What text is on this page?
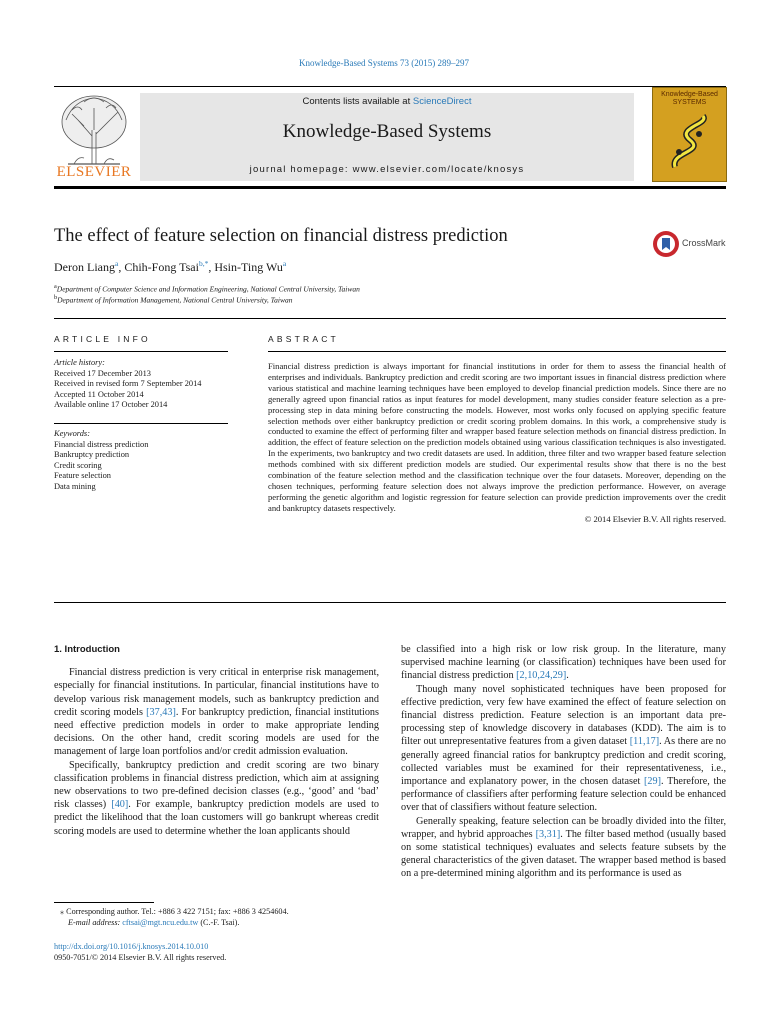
Knowledge-Based Systems 73 (2015) 289–297
ELSEVIER
Contents lists available at ScienceDirect
Knowledge-Based Systems
journal homepage: www.elsevier.com/locate/knosys
Knowledge-Based SYSTEMS
The effect of feature selection on financial distress prediction	CrossMark
Deron Liang$^a$, Chih-Fong Tsai$^{b,*}$, Hsin-Ting Wu$^a$
$^a$Department of Computer Science and Information Engineering, National Central University, Taiwan
$^b$Department of Information Management, National Central University, Taiwan
ARTICLE INFO
Article history:
Received 17 December 2013
Received in revised form 7 September 2014
Accepted 11 October 2014
Available online 17 October 2014
Keywords:
Financial distress prediction
Bankruptcy prediction
Credit scoring
Feature selection
Data mining
ABSTRACT
Financial distress prediction is always important for financial institutions in order for them to assess the financial health of enterprises and individuals. Bankruptcy prediction and credit scoring are two important issues in financial distress prediction where various statistical and machine learning techniques have been employed to develop financial prediction models. Since there are no generally agreed upon financial ratios as input features for model development, many studies consider feature selection as a pre-processing step in data mining before constructing the models. However, most works only focused on applying specific feature selection methods over either bankruptcy prediction or credit scoring problem domains. In this work, a comprehensive study is conducted to examine the effect of performing filter and wrapper based feature selection methods on financial distress prediction. In addition, the effect of feature selection on the prediction models obtained using various classification techniques is also investigated. In the experiments, two bankruptcy and two credit datasets are used. In addition, three filter and two wrapper based feature selection methods combined with six different prediction models are studied. Our experimental results show that there is no the best combination of the feature selection method and the classification technique over the four datasets. Moreover, depending on the chosen techniques, performing feature selection does not always improve the prediction performance. However, on average performing the genetic algorithm and logistic regression for feature selection can provide prediction improvements over the credit and bankruptcy datasets respectively.
© 2014 Elsevier B.V. All rights reserved.

1. Introduction

Financial distress prediction is very critical in enterprise risk management, especially for financial institutions. In particular, financial institutions have to develop various risk management models, such as bankruptcy prediction and credit scoring models [37,43]. For bankruptcy prediction, financial institutions need effective prediction models in order to make appropriate lending decisions. On the other hand, credit scoring models are used for the management of large loan portfolios and/or credit admission evaluation.

Specifically, bankruptcy prediction and credit scoring are two binary classification problems in financial distress prediction, which aim at assigning new observations to two pre-defined decision classes (e.g., ‘good’ and ‘bad’ risk classes) [40]. For example, bankruptcy prediction models are used to predict the likelihood that the loan customers will go bankrupt whereas credit scoring models are used to determine whether the loan applicants should

be classified into a high risk or low risk group. In the literature, many supervised machine learning (or classification) techniques have been used for financial distress prediction [2,10,24,29].

Though many novel sophisticated techniques have been proposed for effective prediction, very few have examined the effect of feature selection on financial distress prediction. Feature selection is an important data pre-processing step of knowledge discovery in databases (KDD). The aim is to filter out unrepresentative features from a given dataset [11,17]. As there are no generally agreed financial ratios for bankruptcy prediction and credit scoring, collected variables must be examined for their representativeness, i.e., importance and explanatory power, in the chosen dataset [29]. Therefore, the performance of classifiers after performing feature selection could be enhanced over that of classifiers without feature selection.

Generally speaking, feature selection can be broadly divided into the filter, wrapper, and hybrid approaches [3,31]. The filter based method (usually based on some statistical techniques) evaluates and selects feature subsets by the general characteristics of the given dataset. The wrapper based method is based on a pre-determined mining algorithm and its performance is used as

⁎ Corresponding author. Tel.: +886 3 422 7151; fax: +886 3 4254604.
E-mail address: cftsai@mgt.ncu.edu.tw (C.-F. Tsai).
http://dx.doi.org/10.1016/j.knosys.2014.10.010
0950-7051/© 2014 Elsevier B.V. All rights reserved.
